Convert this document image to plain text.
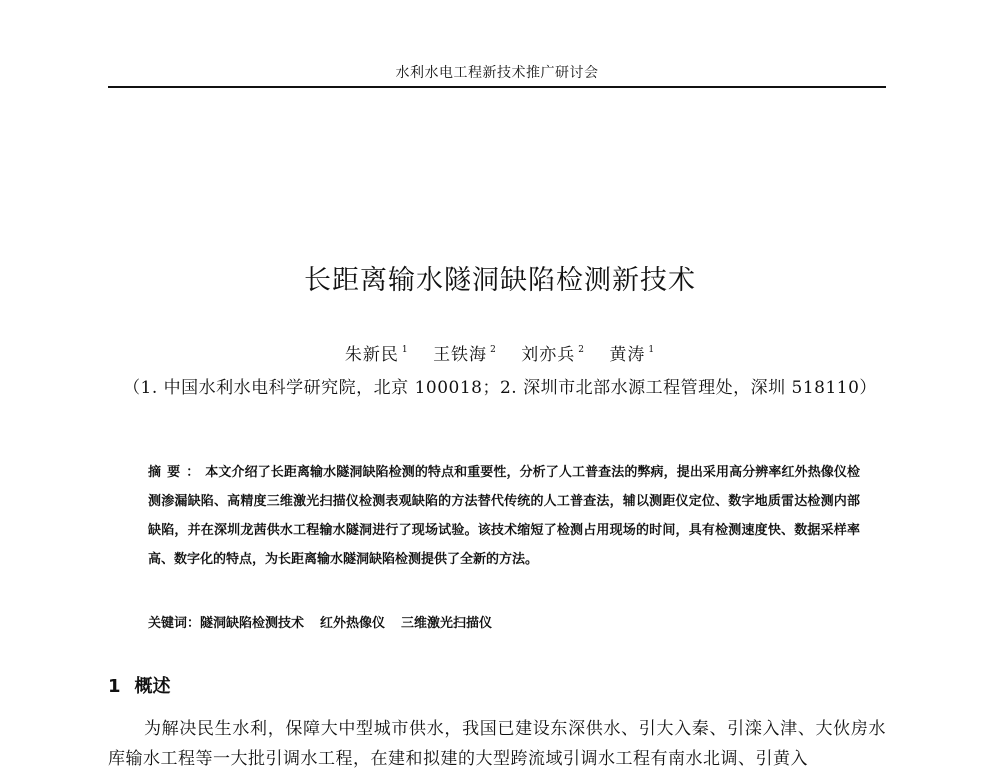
水利水电工程新技术推广研讨会
长距离输水隧洞缺陷检测新技术
朱新民 $^1$ 王铁海 $^2$ 刘亦兵 $^2$ 黄涛 $^1$
（1. 中国水利水电科学研究院，北京 100018；2. 深圳市北部水源工程管理处，深圳 518110）
摘要：本文介绍了长距离输水隧洞缺陷检测的特点和重要性，分析了人工普查法的弊病，提出采用高分辨率红外热像仪检测渗漏缺陷、高精度三维激光扫描仪检测表观缺陷的方法替代传统的人工普查法，辅以测距仪定位、数字地质雷达检测内部缺陷，并在深圳龙茜供水工程输水隧洞进行了现场试验。该技术缩短了检测占用现场的时间，具有检测速度快、数据采样率高、数字化的特点，为长距离输水隧洞缺陷检测提供了全新的方法。
关键词：隧洞缺陷检测技术 红外热像仪 三维激光扫描仪
1 概述
为解决民生水利，保障大中型城市供水，我国已建设东深供水、引大入秦、引滦入津、大伙房水库输水工程等一大批引调水工程，在建和拟建的大型跨流域引调水工程有南水北调、引黄入
